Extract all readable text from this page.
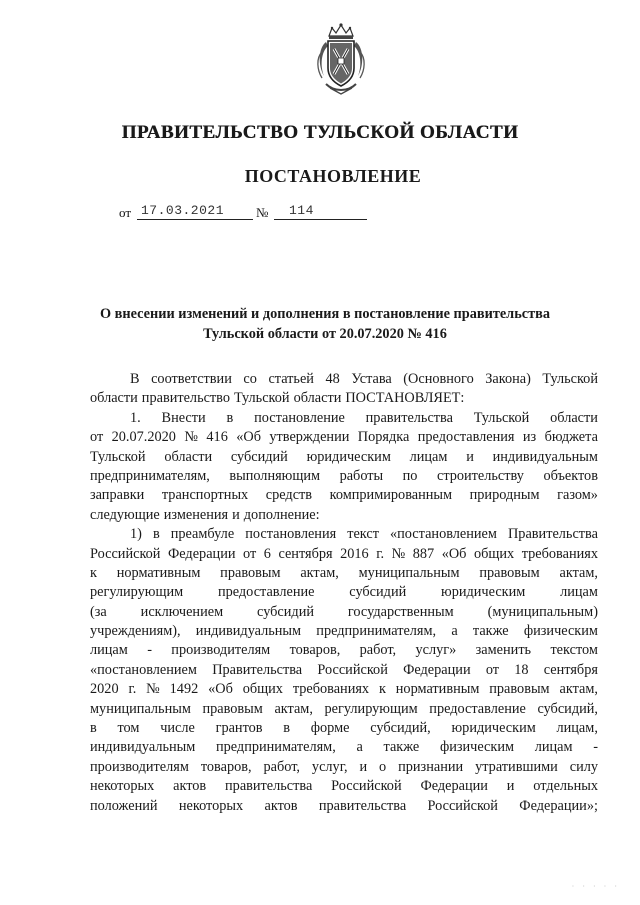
ПРАВИТЕЛЬСТВО ТУЛЬСКОЙ ОБЛАСТИ
ПОСТАНОВЛЕНИЕ
от 17.03.2021 № 114
О внесении изменений и дополнения в постановление правительства
Тульской области от 20.07.2020 № 416
В соответствии со статьей 48 Устава (Основного Закона) Тульской
области правительство Тульской области ПОСТАНОВЛЯЕТ:
1. Внести в постановление правительства Тульской области
от 20.07.2020 № 416 «Об утверждении Порядка предоставления из бюджета
Тульской области субсидий юридическим лицам и индивидуальным
предпринимателям, выполняющим работы по строительству объектов
заправки транспортных средств компримированным природным газом»
следующие изменения и дополнение:
1) в преамбуле постановления текст «постановлением Правительства
Российской Федерации от 6 сентября 2016 г. № 887 «Об общих требованиях
к нормативным правовым актам, муниципальным правовым актам,
регулирующим предоставление субсидий юридическим лицам
(за исключением субсидий государственным (муниципальным)
учреждениям), индивидуальным предпринимателям, а также физическим
лицам - производителям товаров, работ, услуг» заменить текстом
«постановлением Правительства Российской Федерации от 18 сентября
2020 г. № 1492 «Об общих требованиях к нормативным правовым актам,
муниципальным правовым актам, регулирующим предоставление субсидий,
в том числе грантов в форме субсидий, юридическим лицам,
индивидуальным предпринимателям, а также физическим лицам -
производителям товаров, работ, услуг, и о признании утратившими силу
некоторых актов правительства Российской Федерации и отдельных
положений некоторых актов правительства Российской Федерации»;
· · · · ·
